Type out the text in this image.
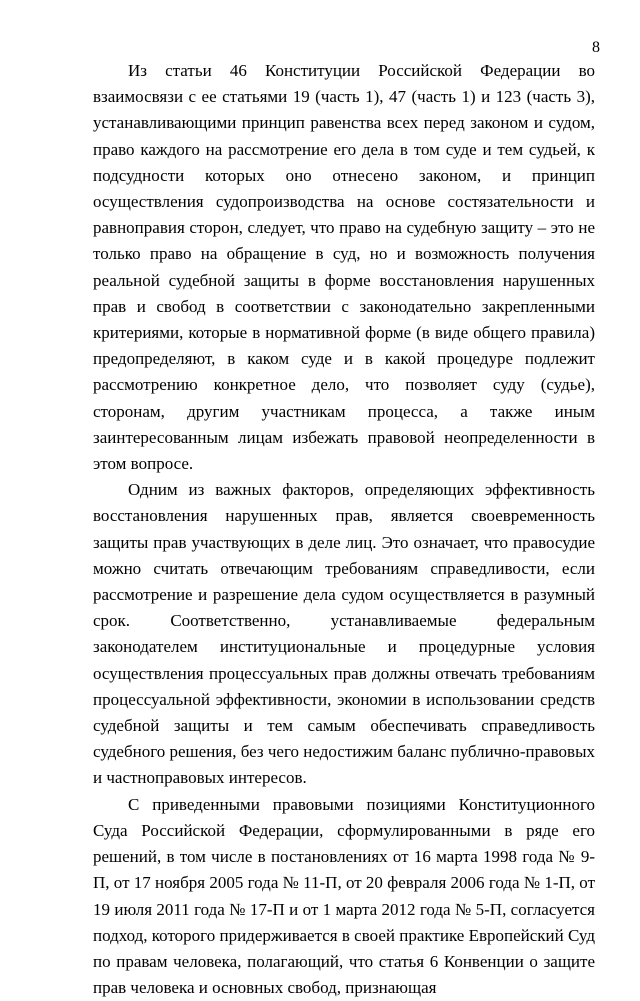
8

Из статьи 46 Конституции Российской Федерации во взаимосвязи с ее статьями 19 (часть 1), 47 (часть 1) и 123 (часть 3), устанавливающими принцип равенства всех перед законом и судом, право каждого на рассмотрение его дела в том суде и тем судьей, к подсудности которых оно отнесено законом, и принцип осуществления судопроизводства на основе состязательности и равноправия сторон, следует, что право на судебную защиту – это не только право на обращение в суд, но и возможность получения реальной судебной защиты в форме восстановления нарушенных прав и свобод в соответствии с законодательно закрепленными критериями, которые в нормативной форме (в виде общего правила) предопределяют, в каком суде и в какой процедуре подлежит рассмотрению конкретное дело, что позволяет суду (судье), сторонам, другим участникам процесса, а также иным заинтересованным лицам избежать правовой неопределенности в этом вопросе.

Одним из важных факторов, определяющих эффективность восстановления нарушенных прав, является своевременность защиты прав участвующих в деле лиц. Это означает, что правосудие можно считать отвечающим требованиям справедливости, если рассмотрение и разрешение дела судом осуществляется в разумный срок. Соответственно, устанавливаемые федеральным законодателем институциональные и процедурные условия осуществления процессуальных прав должны отвечать требованиям процессуальной эффективности, экономии в использовании средств судебной защиты и тем самым обеспечивать справедливость судебного решения, без чего недостижим баланс публично-правовых и частноправовых интересов.

С приведенными правовыми позициями Конституционного Суда Российской Федерации, сформулированными в ряде его решений, в том числе в постановлениях от 16 марта 1998 года № 9-П, от 17 ноября 2005 года № 11-П, от 20 февраля 2006 года № 1-П, от 19 июля 2011 года № 17-П и от 1 марта 2012 года № 5-П, согласуется подход, которого придерживается в своей практике Европейский Суд по правам человека, полагающий, что статья 6 Конвенции о защите прав человека и основных свобод, признающая
